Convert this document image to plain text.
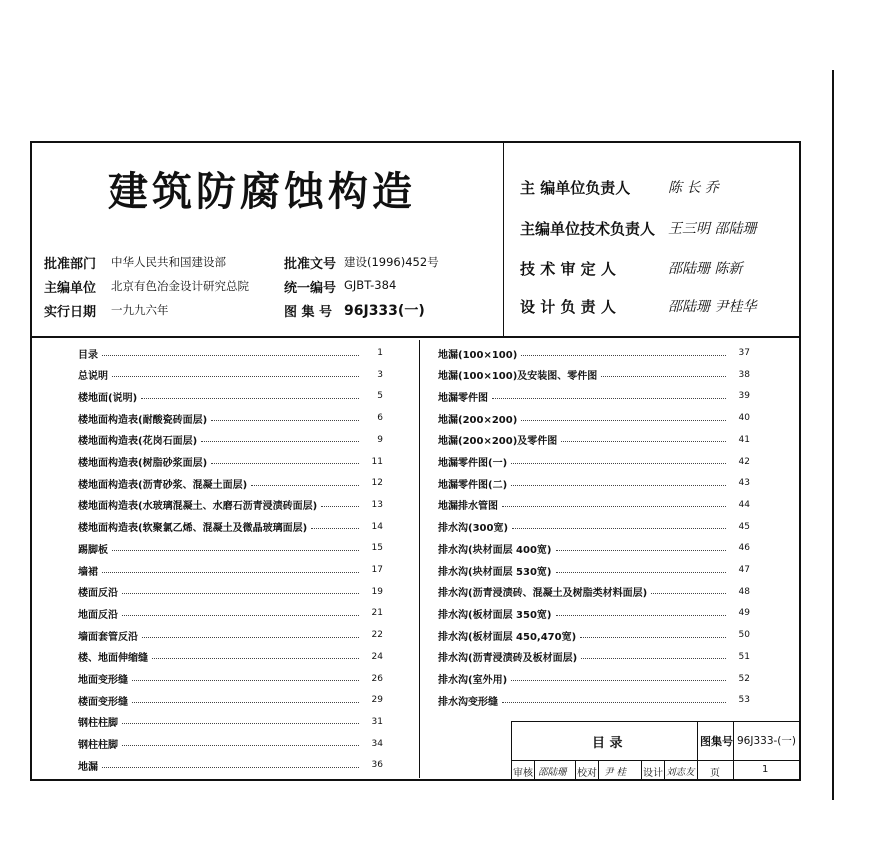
建筑防腐蚀构造
批准部门 中华人民共和国建设部
主编单位 北京有色冶金设计研究总院
实行日期 一九九六年
批准文号 建设(1996)452号
统一编号 GJBT-384
图 集 号 96J333(一)
主 编单位负责人	陈 长 乔
主编单位技术负责人 王三明 邵陆珊
技 术 审 定 人	邵陆珊 陈新
设 计 负 责 人	邵陆珊 尹桂华
目录	1
总说明	3
楼地面(说明)	5
楼地面构造表(耐酸瓷砖面层)	6
楼地面构造表(花岗石面层)	9
楼地面构造表(树脂砂浆面层)	11
楼地面构造表(沥青砂浆、混凝土面层)	12
楼地面构造表(水玻璃混凝土、水磨石沥青浸渍砖面层)	13
楼地面构造表(软聚氯乙烯、混凝土及微晶玻璃面层)	14
踢脚板	15
墙裙	17
楼面反沿	19
地面反沿	21
墙面套管反沿	22
楼、地面伸缩缝	24
地面变形缝	26
楼面变形缝	29
钢柱柱脚	31
钢柱柱脚	34
地漏	36
地漏(100×100)	37
地漏(100×100)及安装图、零件图	38
地漏零件图	39
地漏(200×200)	40
地漏(200×200)及零件图	41
地漏零件图(一)	42
地漏零件图(二)	43
地漏排水管图	44
排水沟(300宽)	45
排水沟(块材面层 400宽)	46
排水沟(块材面层 530宽)	47
排水沟(沥青浸渍砖、混凝土及树脂类材料面层)	48
排水沟(板材面层 350宽)	49
排水沟(板材面层 450,470宽)	50
排水沟(沥青浸渍砖及板材面层)	51
排水沟(室外用)	52
排水沟变形缝	53
目 录	图集号 96J333-(一)
审核 邵陆珊 校对 尹 桂 设计 刘志友 页	1
